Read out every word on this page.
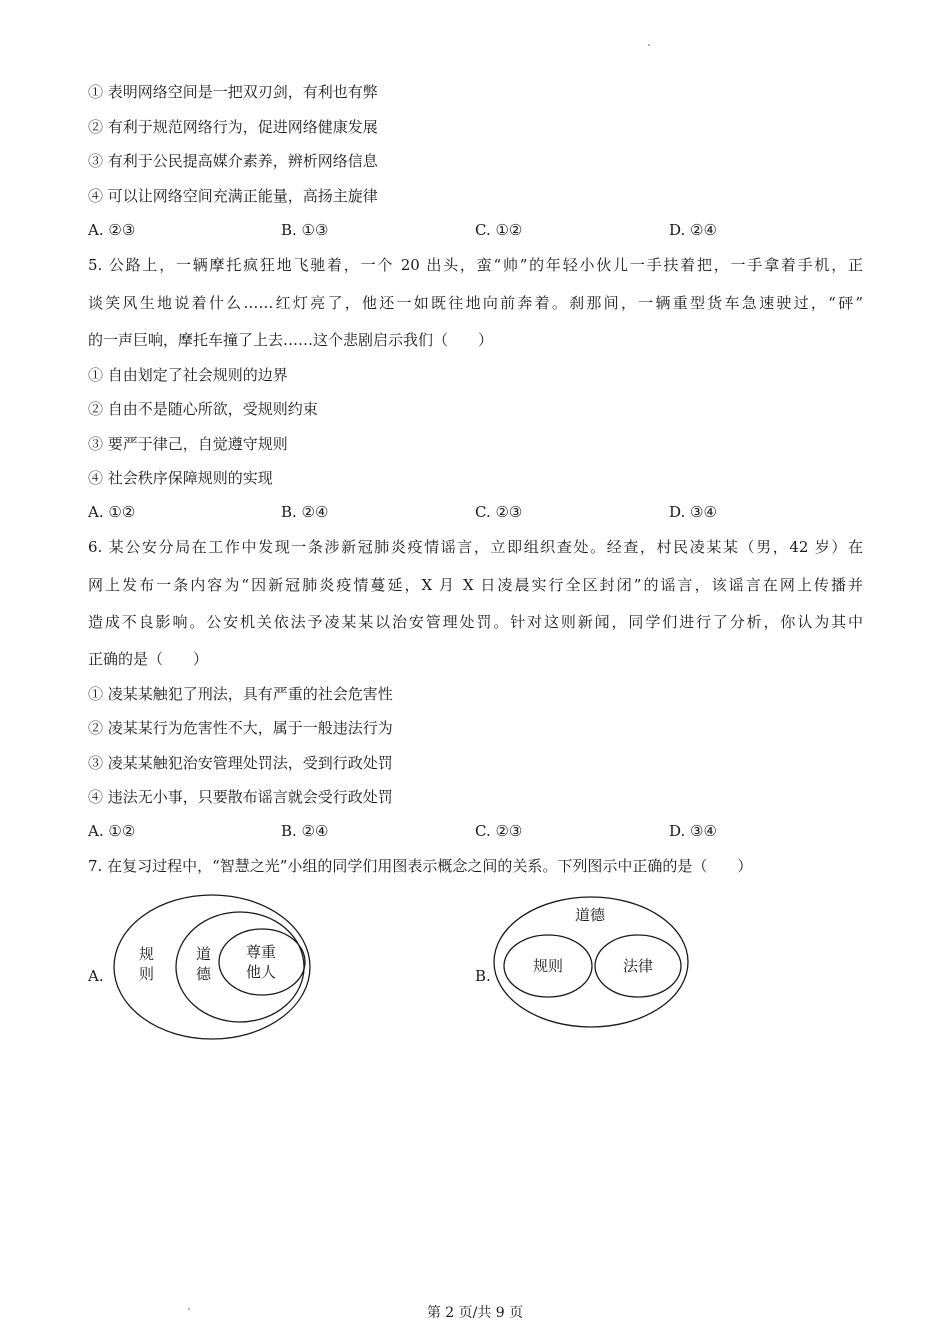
① 表明网络空间是一把双刃剑，有利也有弊
② 有利于规范网络行为，促进网络健康发展
③ 有利于公民提高媒介素养，辨析网络信息
④ 可以让网络空间充满正能量，高扬主旋律
A. ②③	B. ①③	C. ①②	D. ②④
5. 公路上，一辆摩托疯狂地飞驰着，一个 20 出头，蛮“帅”的年轻小伙儿一手扶着把，一手拿着手机，正
谈笑风生地说着什么……红灯亮了，他还一如既往地向前奔着。刹那间，一辆重型货车急速驶过，“砰”
的一声巨响，摩托车撞了上去……这个悲剧启示我们（　　）
① 自由划定了社会规则的边界
② 自由不是随心所欲，受规则约束
③ 要严于律己，自觉遵守规则
④ 社会秩序保障规则的实现
A. ①②	B. ②④	C. ②③	D. ③④
6. 某公安分局在工作中发现一条涉新冠肺炎疫情谣言，立即组织查处。经查，村民凌某某（男，42 岁）在
网上发布一条内容为“因新冠肺炎疫情蔓延，X 月 X 日凌晨实行全区封闭”的谣言，该谣言在网上传播并
造成不良影响。公安机关依法予凌某某以治安管理处罚。针对这则新闻，同学们进行了分析，你认为其中
正确的是（　　）
① 凌某某触犯了刑法，具有严重的社会危害性
② 凌某某行为危害性不大，属于一般违法行为
③ 凌某某触犯治安管理处罚法，受到行政处罚
④ 违法无小事，只要散布谣言就会受行政处罚
A. ①②	B. ②④	C. ②③	D. ③④
7. 在复习过程中，“智慧之光”小组的同学们用图表示概念之间的关系。下列图示中正确的是（　　）
A.
规
则
道
德
尊重
他人	B.
道德
规则	法律
第 2 页/共 9 页
